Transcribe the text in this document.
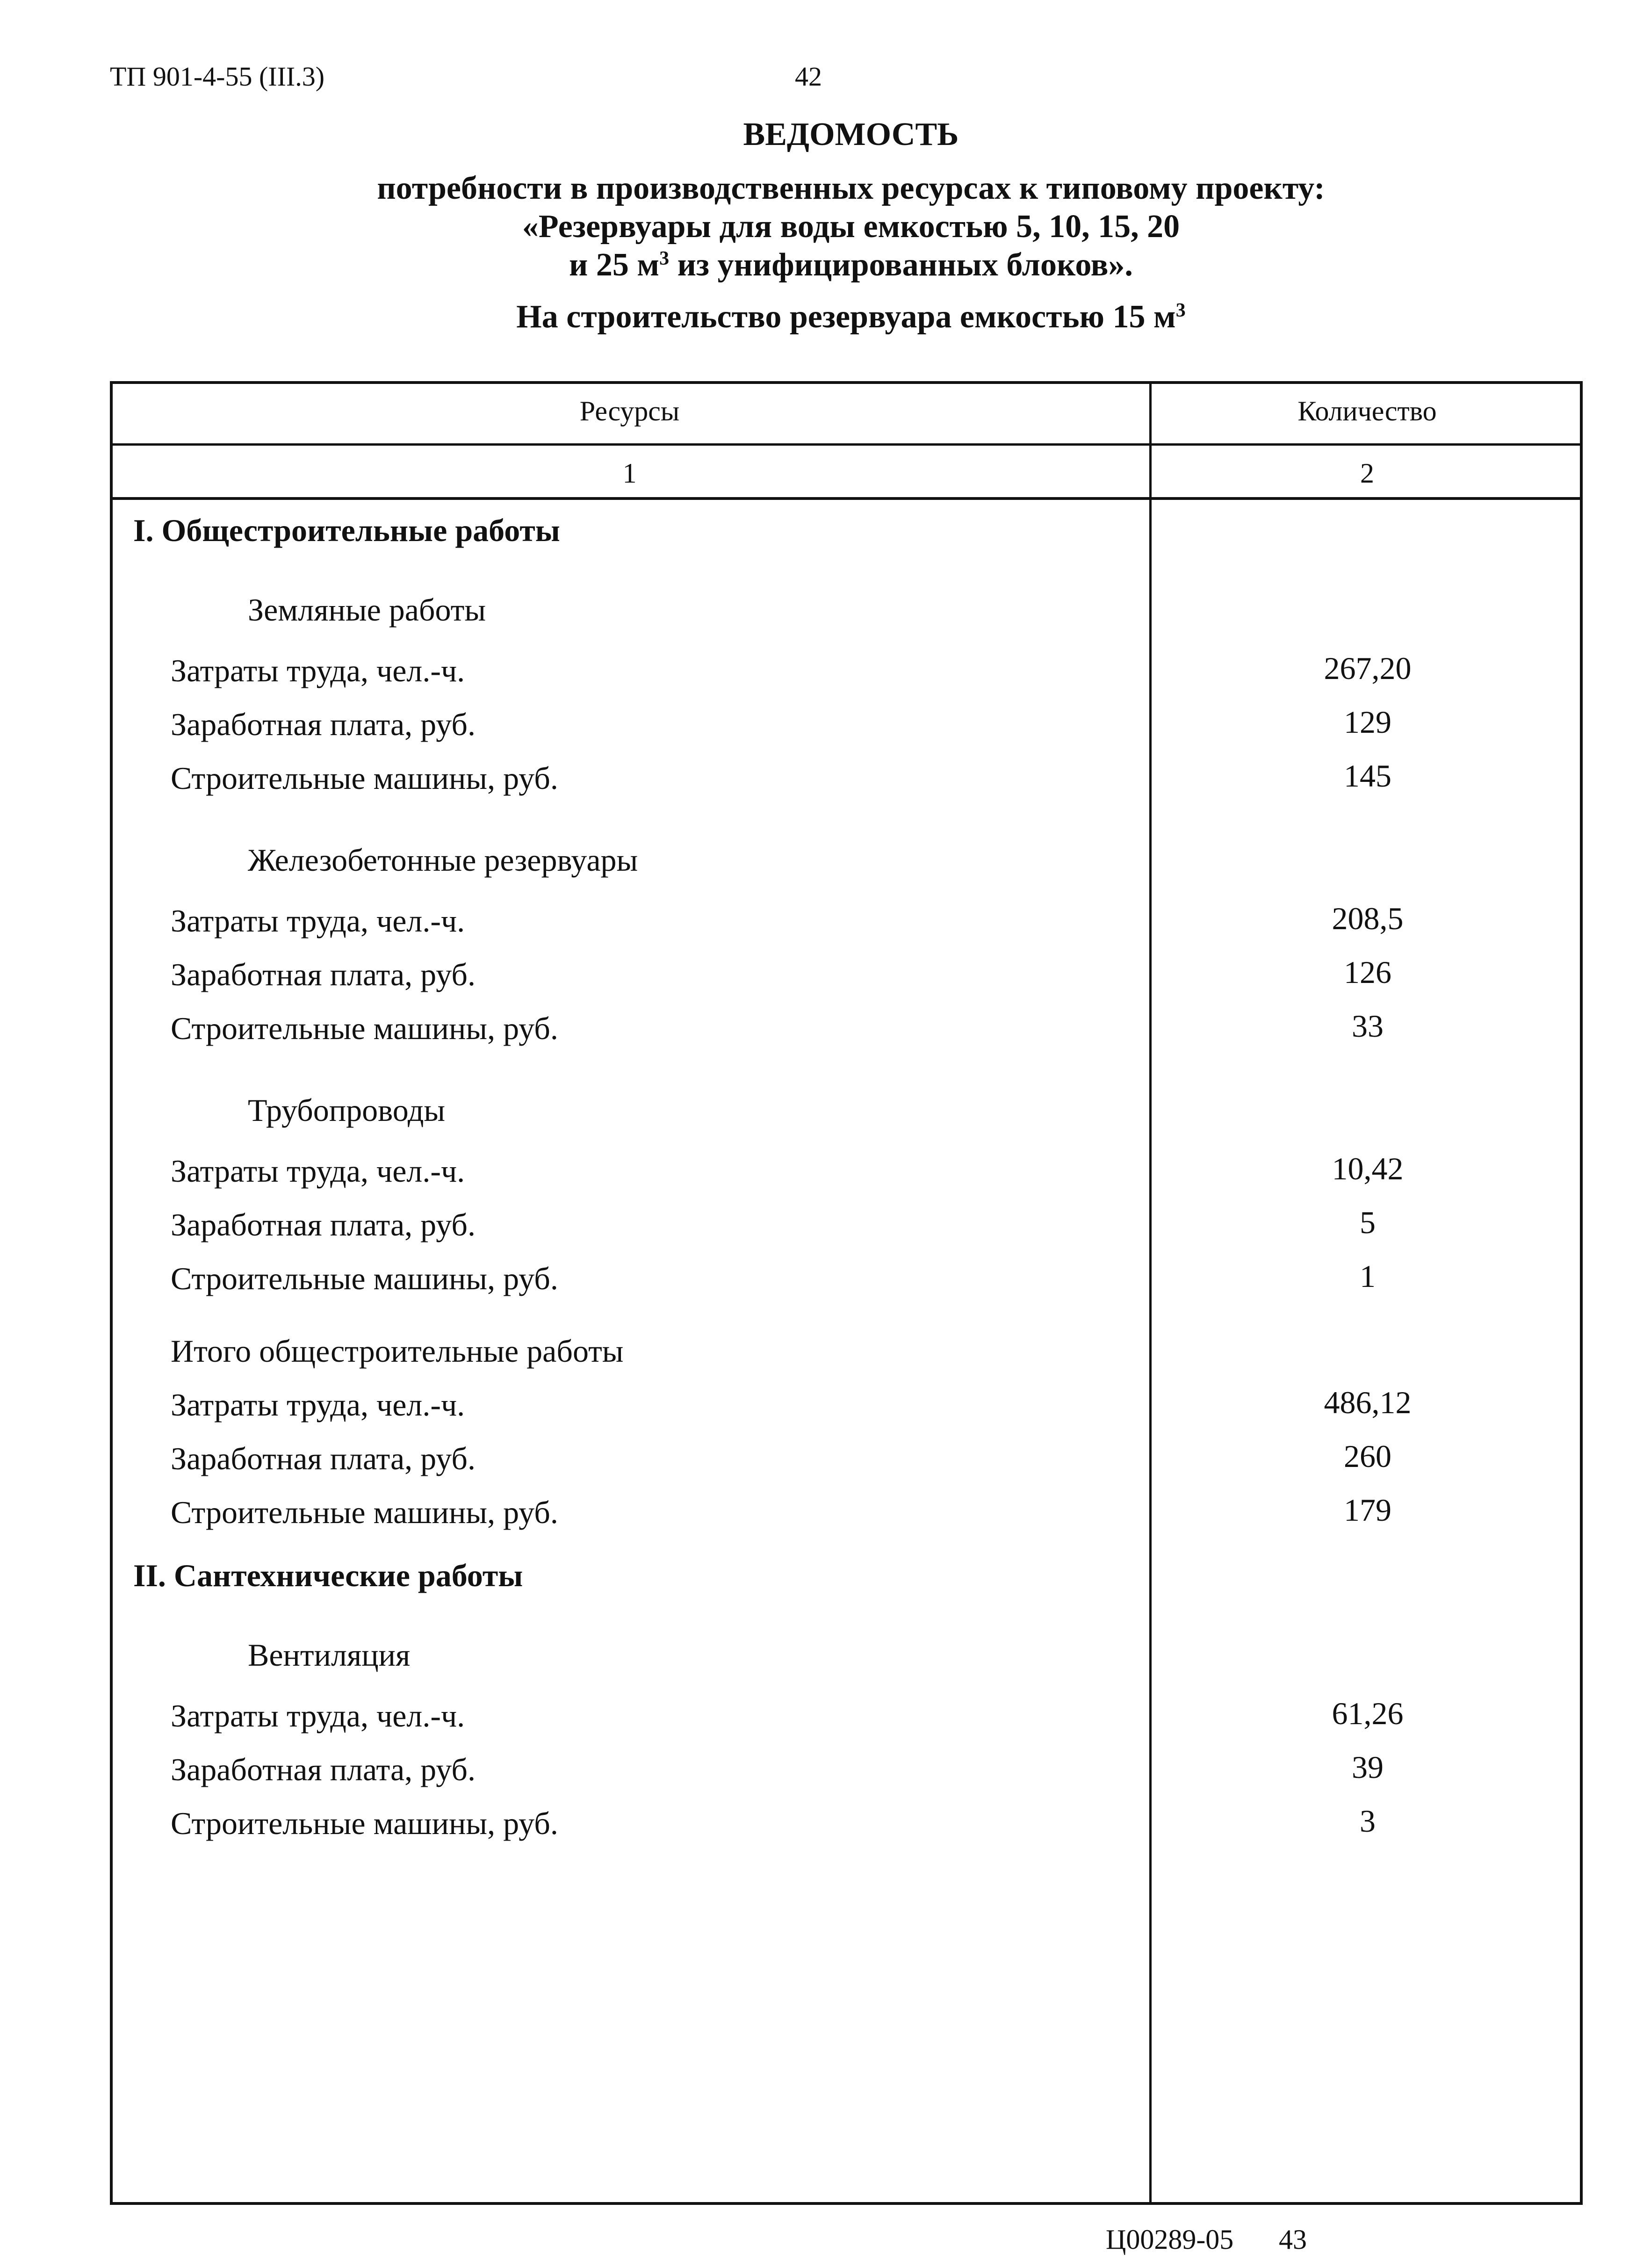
ТП 901-4-55 (III.3)	42
ВЕДОМОСТЬ
потребности в производственных ресурсах к типовому проекту:
«Резервуары для воды емкостью 5, 10, 15, 20
и 25 $м^3$ из унифицированных блоков».
На строительство резервуара емкостью 15 $м^3$
Ресурсы	Количество
1	2
I. Общестроительные работы
Земляные работы
Затраты труда, чел.-ч.	267,20
Заработная плата, руб.	129
Строительные машины, руб.	145
Железобетонные резервуары
Затраты труда, чел.-ч.	208,5
Заработная плата, руб.	126
Строительные машины, руб.	33
Трубопроводы
Затраты труда, чел.-ч.	10,42
Заработная плата, руб.	5
Строительные машины, руб.	1
Итого общестроительные работы
Затраты труда, чел.-ч.	486,12
Заработная плата, руб.	260
Строительные машины, руб.	179
II. Сантехнические работы
Вентиляция
Затраты труда, чел.-ч.	61,26
Заработная плата, руб.	39
Строительные машины, руб.	3
Ц00289-05 43
